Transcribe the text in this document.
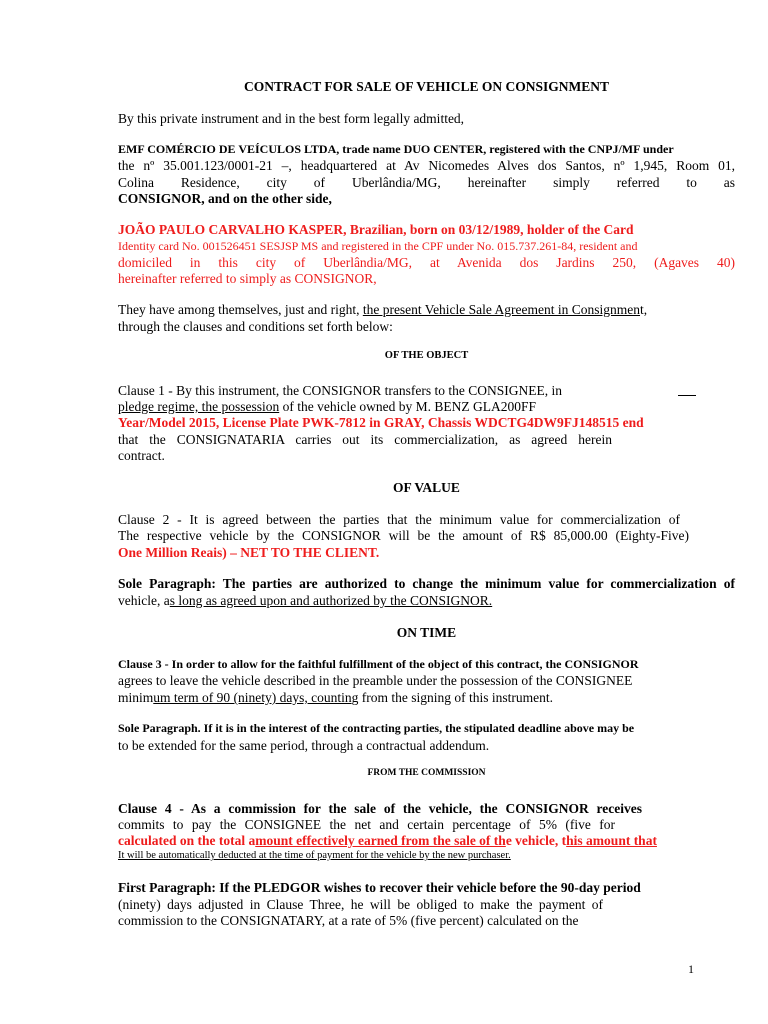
CONTRACT FOR SALE OF VEHICLE ON CONSIGNMENT
By this private instrument and in the best form legally admitted,
EMF COMÉRCIO DE VEÍCULOS LTDA, trade name DUO CENTER, registered with the CNPJ/MF under
the nº 35.001.123/0001-21 –, headquartered at Av Nicomedes Alves dos Santos, nº 1,945, Room 01,
Colina Residence, city of Uberlândia/MG, hereinafter simply referred to as
CONSIGNOR, and on the other side,
JOÃO PAULO CARVALHO KASPER, Brazilian, born on 03/12/1989, holder of the Card
Identity card No. 001526451 SESJSP MS and registered in the CPF under No. 015.737.261-84, resident and
domiciled in this city of Uberlândia/MG, at Avenida dos Jardins 250, (Agaves 40)
hereinafter referred to simply as CONSIGNOR,
They have among themselves, just and right, the present Vehicle Sale Agreement in Consignment,
through the clauses and conditions set forth below:
OF THE OBJECT
Clause 1 - By this instrument, the CONSIGNOR transfers to the CONSIGNEE, in
pledge regime, the possession of the vehicle owned by M. BENZ GLA200FF
Year/Model 2015, License Plate PWK-7812 in GRAY, Chassis WDCTG4DW9FJ148515 end
that the CONSIGNATARIA carries out its commercialization, as agreed herein
contract.
OF VALUE
Clause 2 - It is agreed between the parties that the minimum value for commercialization of
The respective vehicle by the CONSIGNOR will be the amount of R$ 85,000.00 (Eighty-Five)
One Million Reais) – NET TO THE CLIENT.
Sole Paragraph: The parties are authorized to change the minimum value for commercialization of
vehicle, as long as agreed upon and authorized by the CONSIGNOR.
ON TIME
Clause 3 - In order to allow for the faithful fulfillment of the object of this contract, the CONSIGNOR
agrees to leave the vehicle described in the preamble under the possession of the CONSIGNEE
minimum term of 90 (ninety) days, counting from the signing of this instrument.
Sole Paragraph. If it is in the interest of the contracting parties, the stipulated deadline above may be
to be extended for the same period, through a contractual addendum.
FROM THE COMMISSION
Clause 4 - As a commission for the sale of the vehicle, the CONSIGNOR receives
commits to pay the CONSIGNEE the net and certain percentage of 5% (five for
calculated on the total amount effectively earned from the sale of the vehicle, this amount that
It will be automatically deducted at the time of payment for the vehicle by the new purchaser.
First Paragraph: If the PLEDGOR wishes to recover their vehicle before the 90-day period
(ninety) days adjusted in Clause Three, he will be obliged to make the payment of
commission to the CONSIGNATARY, at a rate of 5% (five percent) calculated on the
1
